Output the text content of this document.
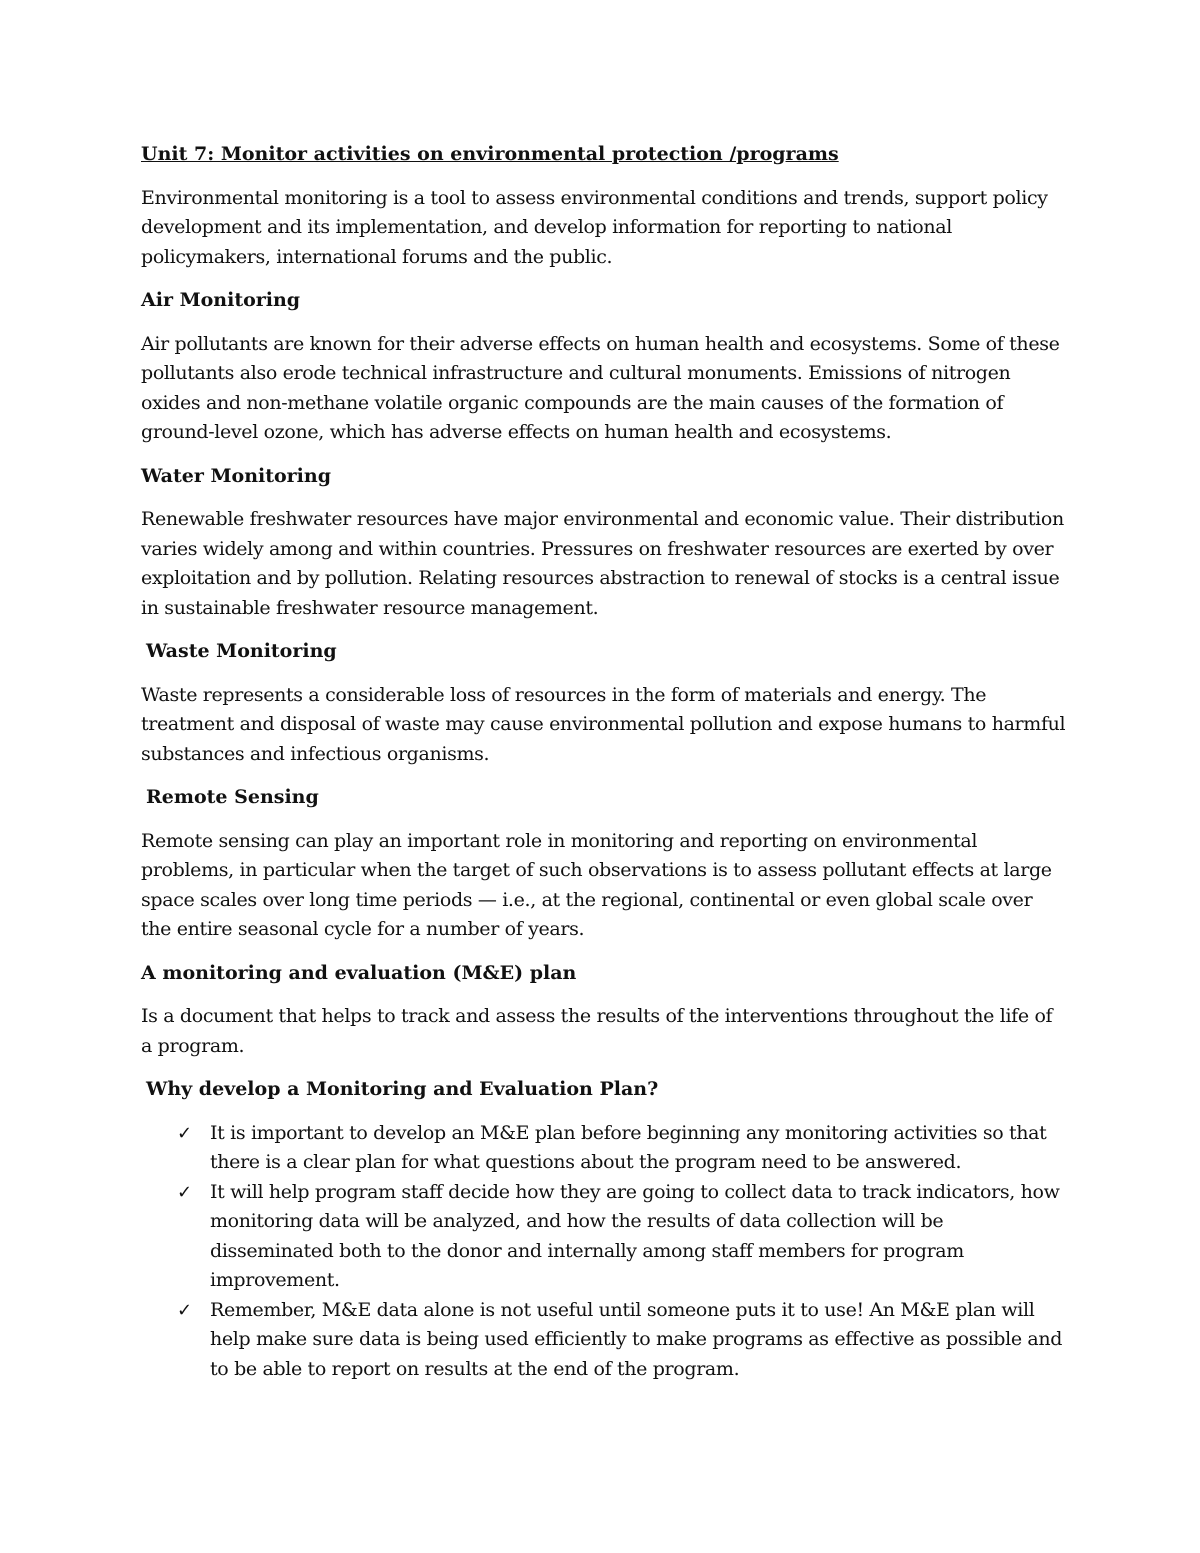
Unit 7: Monitor activities on environmental protection /programs

Environmental monitoring is a tool to assess environmental conditions and trends, support policy development and its implementation, and develop information for reporting to national policymakers, international forums and the public.

Air Monitoring

Air pollutants are known for their adverse effects on human health and ecosystems. Some of these pollutants also erode technical infrastructure and cultural monuments. Emissions of nitrogen oxides and non-methane volatile organic compounds are the main causes of the formation of ground-level ozone, which has adverse effects on human health and ecosystems.

Water Monitoring

Renewable freshwater resources have major environmental and economic value. Their distribution varies widely among and within countries. Pressures on freshwater resources are exerted by over exploitation and by pollution. Relating resources abstraction to renewal of stocks is a central issue in sustainable freshwater resource management.

Waste Monitoring

Waste represents a considerable loss of resources in the form of materials and energy. The treatment and disposal of waste may cause environmental pollution and expose humans to harmful substances and infectious organisms.

Remote Sensing

Remote sensing can play an important role in monitoring and reporting on environmental problems, in particular when the target of such observations is to assess pollutant effects at large space scales over long time periods — i.e., at the regional, continental or even global scale over the entire seasonal cycle for a number of years.

A monitoring and evaluation (M&E) plan

Is a document that helps to track and assess the results of the interventions throughout the life of a program.

Why develop a Monitoring and Evaluation Plan?
✓ It is important to develop an M&E plan before beginning any monitoring activities so that there is a clear plan for what questions about the program need to be answered.
✓ It will help program staff decide how they are going to collect data to track indicators, how monitoring data will be analyzed, and how the results of data collection will be disseminated both to the donor and internally among staff members for program improvement.
✓ Remember, M&E data alone is not useful until someone puts it to use! An M&E plan will help make sure data is being used efficiently to make programs as effective as possible and to be able to report on results at the end of the program.
